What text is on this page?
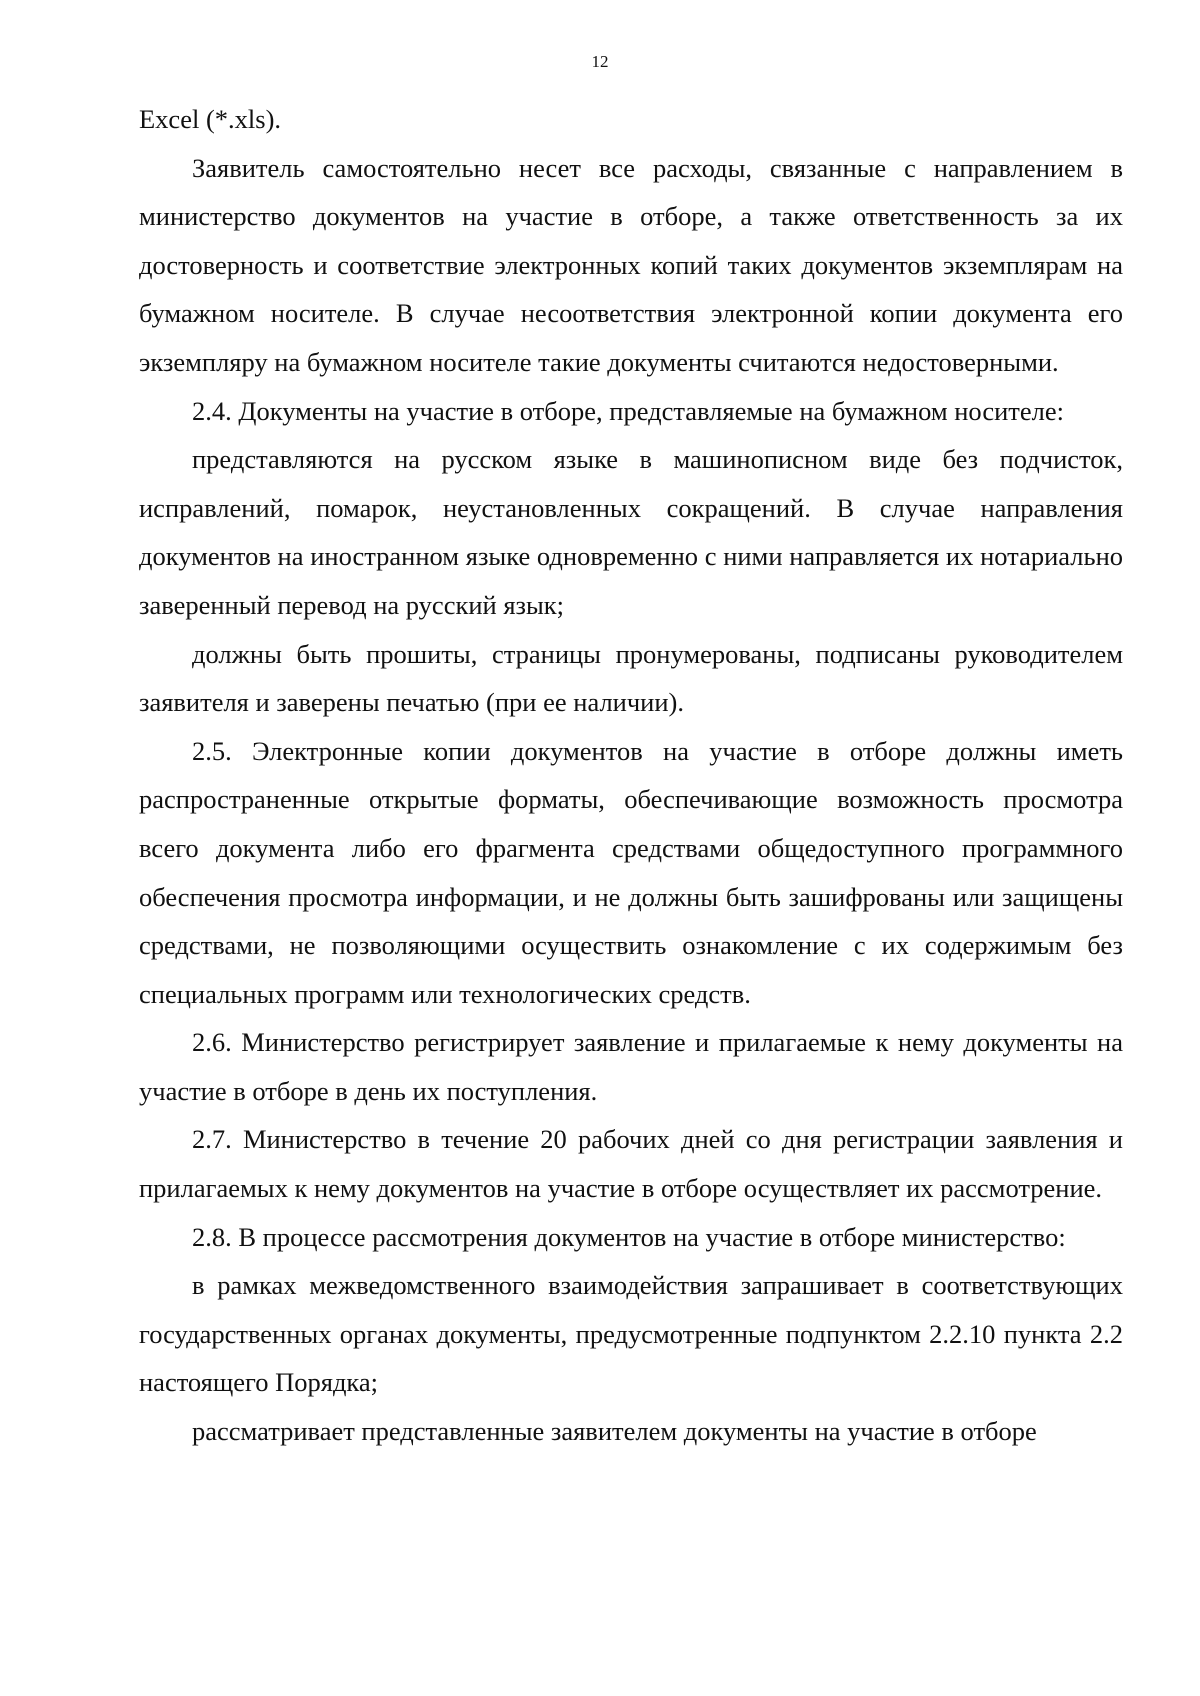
12

Excel (*.xls).

Заявитель самостоятельно несет все расходы, связанные с направлением в министерство документов на участие в отборе, а также ответственность за их достоверность и соответствие электронных копий таких документов экземплярам на бумажном носителе. В случае несоответствия электронной копии документа его экземпляру на бумажном носителе такие документы считаются недостоверными.

2.4. Документы на участие в отборе, представляемые на бумажном носителе:

представляются на русском языке в машинописном виде без подчисток, исправлений, помарок, неустановленных сокращений. В случае направления документов на иностранном языке одновременно с ними направляется их нотариально заверенный перевод на русский язык;

должны быть прошиты, страницы пронумерованы, подписаны руководителем заявителя и заверены печатью (при ее наличии).

2.5. Электронные копии документов на участие в отборе должны иметь распространенные открытые форматы, обеспечивающие возможность просмотра всего документа либо его фрагмента средствами общедоступного программного обеспечения просмотра информации, и не должны быть зашифрованы или защищены средствами, не позволяющими осуществить ознакомление с их содержимым без специальных программ или технологических средств.

2.6. Министерство регистрирует заявление и прилагаемые к нему документы на участие в отборе в день их поступления.

2.7. Министерство в течение 20 рабочих дней со дня регистрации заявления и прилагаемых к нему документов на участие в отборе осуществляет их рассмотрение.

2.8. В процессе рассмотрения документов на участие в отборе министерство:

в рамках межведомственного взаимодействия запрашивает в соответствующих государственных органах документы, предусмотренные подпунктом 2.2.10 пункта 2.2 настоящего Порядка;

рассматривает представленные заявителем документы на участие в отборе
